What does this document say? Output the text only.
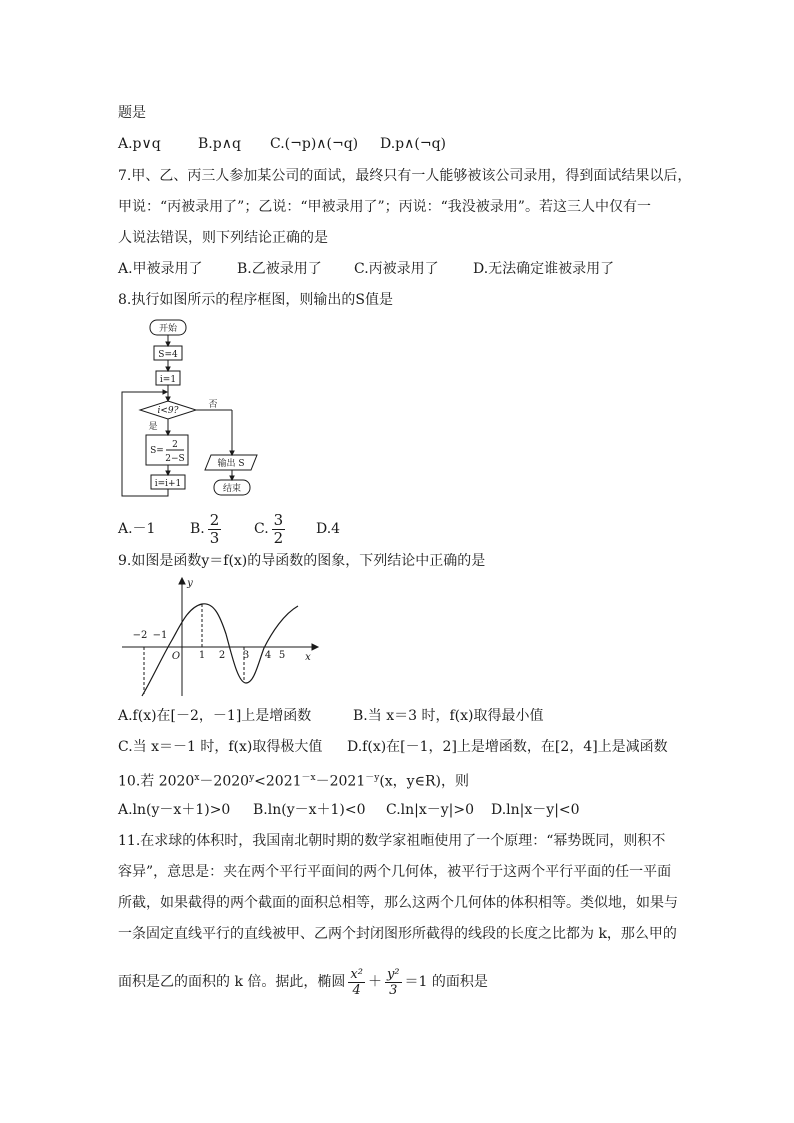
题是
A.p∨q	B.p∧q C.(¬p)∧(¬q) D.p∧(¬q)
7.甲、乙、丙三人参加某公司的面试，最终只有一人能够被该公司录用，得到面试结果以后，
甲说：“丙被录用了”；乙说：“甲被录用了”；丙说：“我没被录用”。若这三人中仅有一
人说法错误，则下列结论正确的是
A.甲被录用了 B.乙被录用了 C.丙被录用了 D.无法确定谁被录用了
8.执行如图所示的程序框图，则输出的S值是
开始
S=4
i=1
i<9?
否
是
S=
2
2−S
i=i+1
输出 S
结束
A.－1 B. $\frac{2}{3} C$. $\frac{3}{2} D.4$
9.如图是函数y＝f(x)的导函数的图象，下列结论中正确的是
y
x
O
−2 −1
1 2 3 4 5
A.f(x)在[－2，－1]上是增函数	B.当 x＝3 时，f(x)取得最小值
C.当 x＝－1 时，f(x)取得极大值 D.f(x)在[－1，2]上是增函数，在[2，4]上是减函数
10.若 $2020^x-2020^y<2021^{-x}-2021^{-y}(x$，y∈R)，则
A.ln(y－x＋1)>0 B.ln(y－x＋1)<0 C.ln|x－y|>0 D.ln|x－y|<0
11.在求球的体积时，我国南北朝时期的数学家祖暅使用了一个原理：“幂势既同，则积不
容异”，意思是：夹在两个平行平面间的两个几何体，被平行于这两个平行平面的任一平面
所截，如果截得的两个截面的面积总相等，那么这两个几何体的体积相等。类似地，如果与
一条固定直线平行的直线被甲、乙两个封闭图形所截得的线段的长度之比都为 k，那么甲的
面积是乙的面积的 k 倍。据此，椭圆 $\frac{\text{x²}}{4} + \frac{\text{y²}}{3} =1$ 的面积是
